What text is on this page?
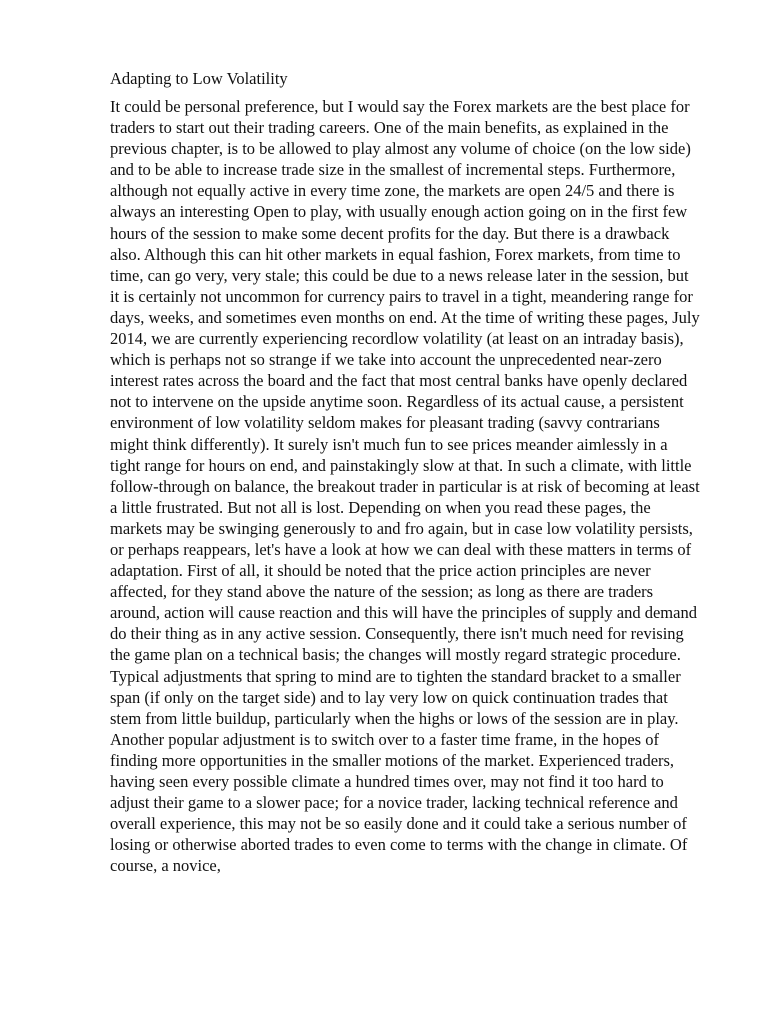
Adapting to Low Volatility

It could be personal preference, but I would say the Forex markets are the best place for traders to start out their trading careers. One of the main benefits, as explained in the previous chapter, is to be allowed to play almost any volume of choice (on the low side) and to be able to increase trade size in the smallest of incremental steps. Furthermore, although not equally active in every time zone, the markets are open 24/5 and there is always an interesting Open to play, with usually enough action going on in the first few hours of the session to make some decent profits for the day. But there is a drawback also. Although this can hit other markets in equal fashion, Forex markets, from time to time, can go very, very stale; this could be due to a news release later in the session, but it is certainly not uncommon for currency pairs to travel in a tight, meandering range for days, weeks, and sometimes even months on end. At the time of writing these pages, July 2014, we are currently experiencing recordlow volatility (at least on an intraday basis), which is perhaps not so strange if we take into account the unprecedented near-zero interest rates across the board and the fact that most central banks have openly declared not to intervene on the upside anytime soon. Regardless of its actual cause, a persistent environment of low volatility seldom makes for pleasant trading (savvy contrarians might think differently). It surely isn't much fun to see prices meander aimlessly in a tight range for hours on end, and painstakingly slow at that. In such a climate, with little follow-through on balance, the breakout trader in particular is at risk of becoming at least a little frustrated. But not all is lost. Depending on when you read these pages, the markets may be swinging generously to and fro again, but in case low volatility persists, or perhaps reappears, let's have a look at how we can deal with these matters in terms of adaptation. First of all, it should be noted that the price action principles are never affected, for they stand above the nature of the session; as long as there are traders around, action will cause reaction and this will have the principles of supply and demand do their thing as in any active session. Consequently, there isn't much need for revising the game plan on a technical basis; the changes will mostly regard strategic procedure. Typical adjustments that spring to mind are to tighten the standard bracket to a smaller span (if only on the target side) and to lay very low on quick continuation trades that stem from little buildup, particularly when the highs or lows of the session are in play. Another popular adjustment is to switch over to a faster time frame, in the hopes of finding more opportunities in the smaller motions of the market. Experienced traders, having seen every possible climate a hundred times over, may not find it too hard to adjust their game to a slower pace; for a novice trader, lacking technical reference and overall experience, this may not be so easily done and it could take a serious number of losing or otherwise aborted trades to even come to terms with the change in climate. Of course, a novice,
